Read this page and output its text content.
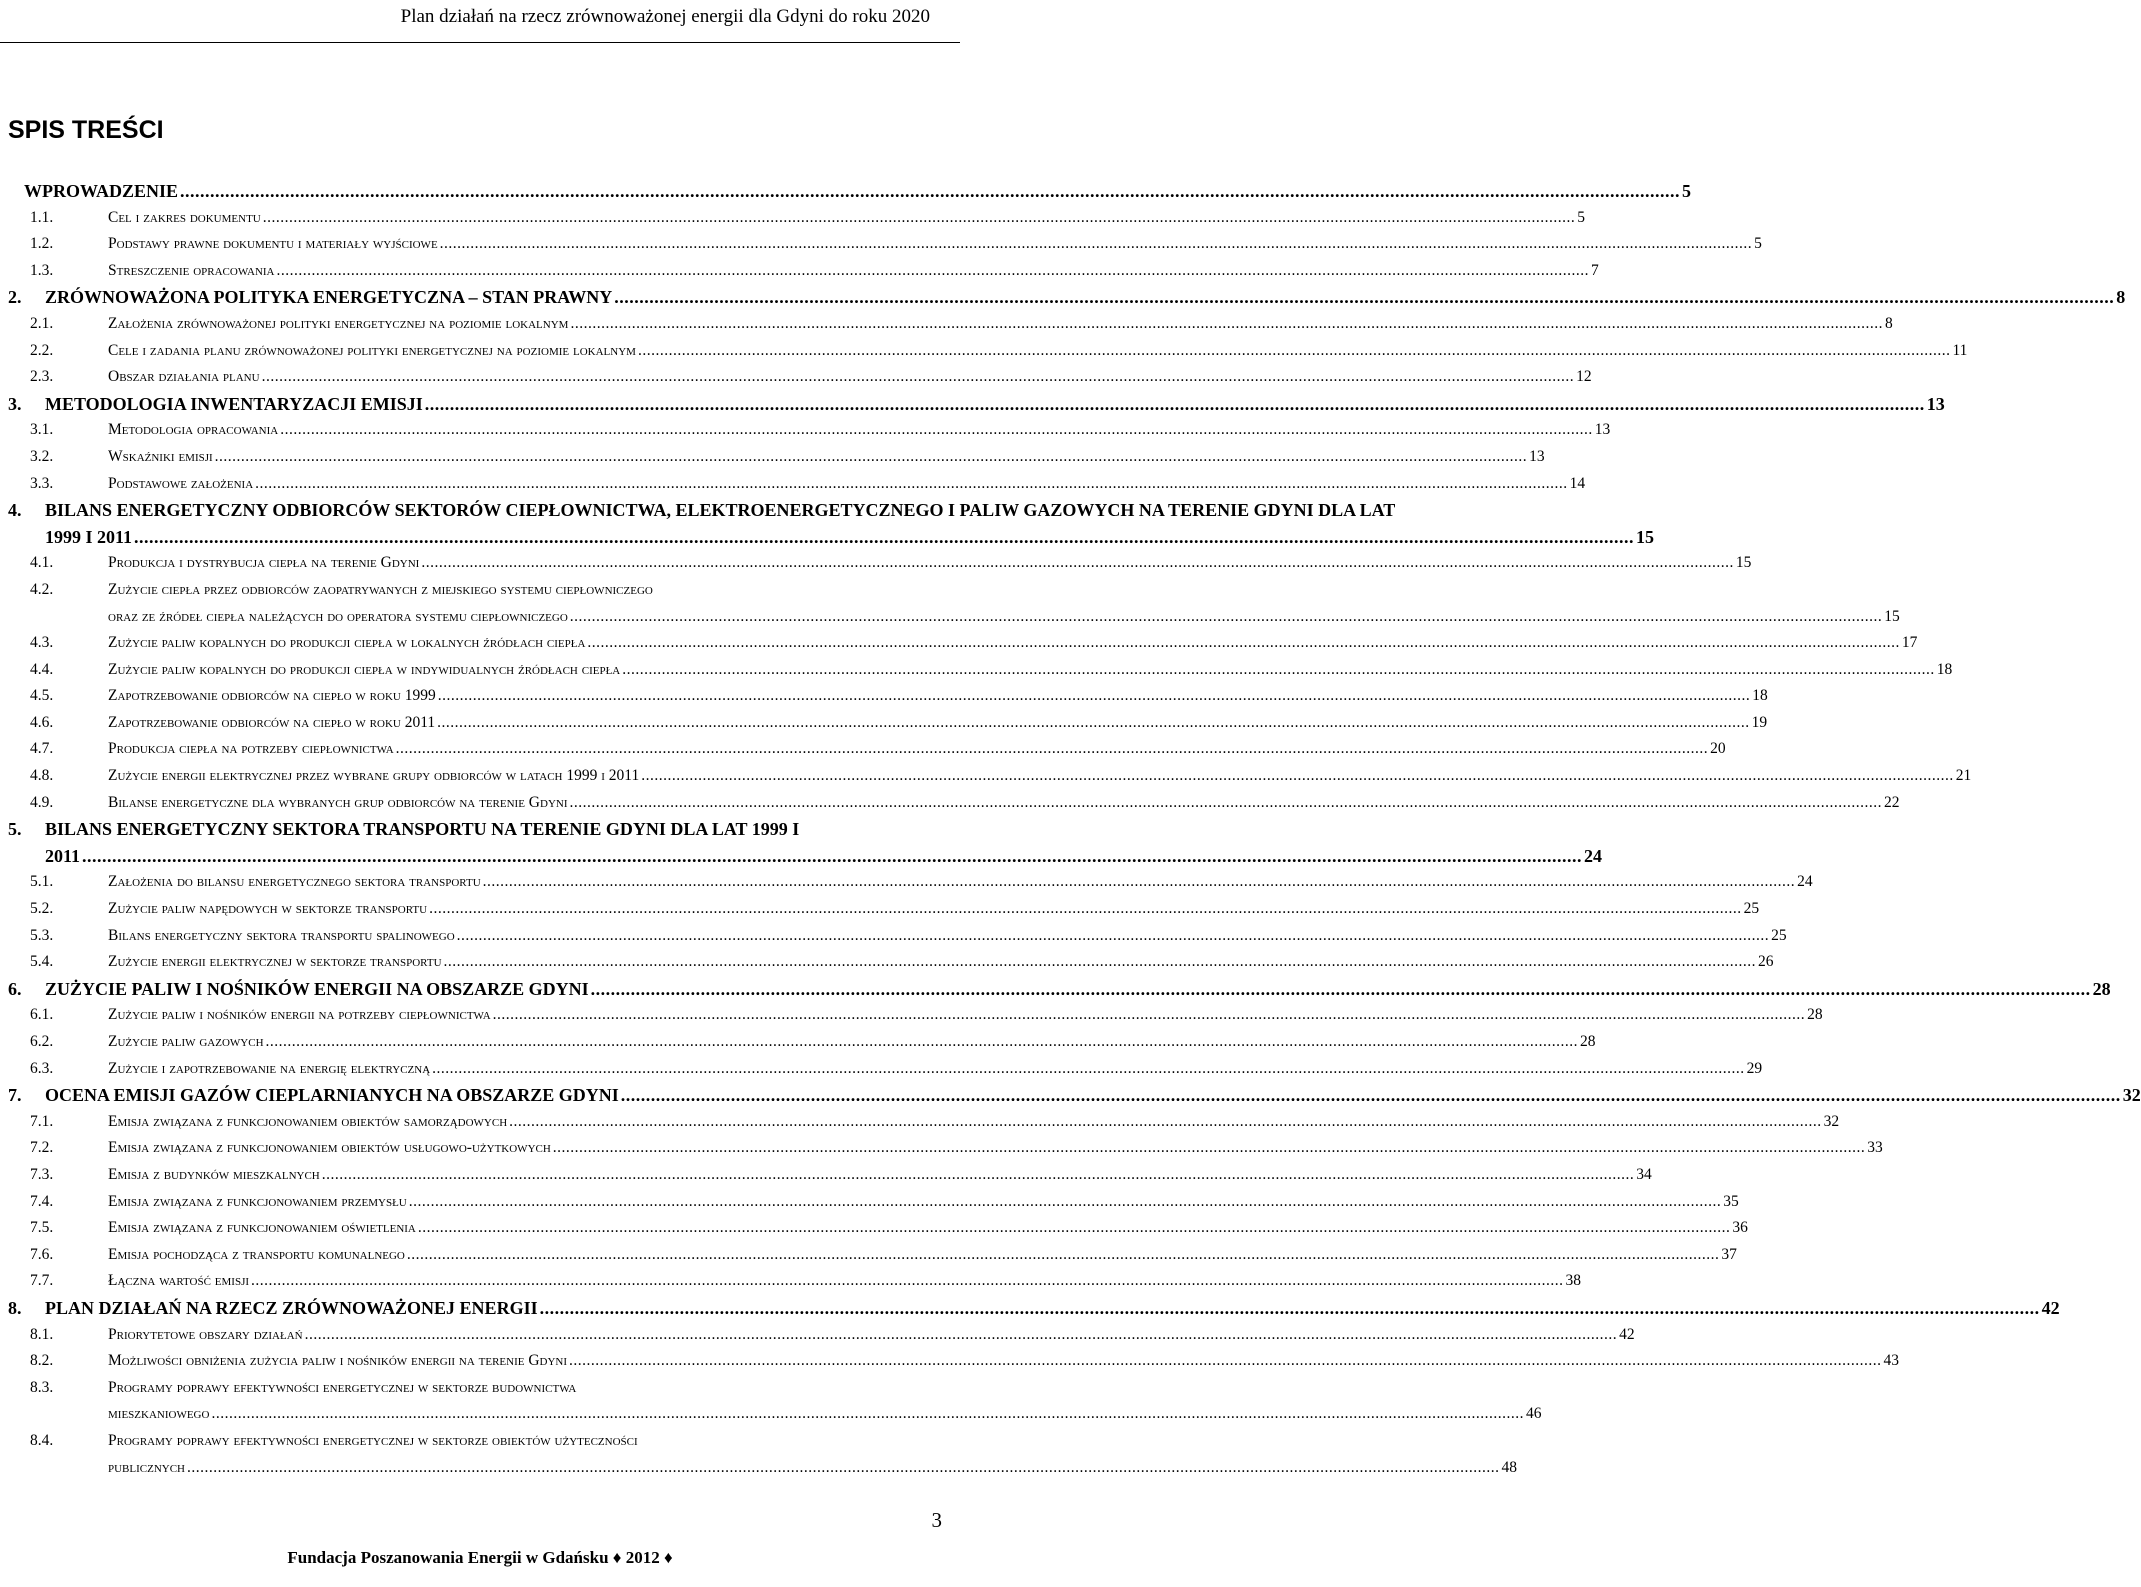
Plan działań na rzecz zrównoważonej energii dla Gdyni do roku 2020
SPIS TREŚCI
WPROWADZENIE .....	5
1.1.	Cel i zakres dokumentu .....	5
1.2.	Podstawy prawne dokumentu i materiały wyjściowe .....	5
1.3.	Streszczenie opracowania .....	7
2. ZRÓWNOWAŻONA POLITYKA ENERGETYCZNA – STAN PRAWNY .....	8
2.1.	Założenia zrównoważonej polityki energetycznej na poziomie lokalnym .....	8
2.2.	Cele i zadania planu zrównoważonej polityki energetycznej na poziomie lokalnym .....	11
2.3.	Obszar działania planu .....	12
3. METODOLOGIA INWENTARYZACJI EMISJI .....	13
3.1.	Metodologia opracowania .....	13
3.2.	Wskaźniki emisji .....	13
3.3.	Podstawowe założenia .....	14
4. BILANS ENERGETYCZNY ODBIORCÓW SEKTORÓW CIEPŁOWNICTWA, ELEKTROENERGETYCZNEGO I PALIW GAZOWYCH NA TERENIE GDYNI DLA LAT
1999 I 2011 .....	15
4.1.	Produkcja i dystrybucja ciepła na terenie Gdyni .....	15
4.2.	Zużycie ciepła przez odbiorców zaopatrywanych z miejskiego systemu ciepłowniczego
oraz ze źródeł ciepła należących do operatora systemu ciepłowniczego .....	15
4.3.	Zużycie paliw kopalnych do produkcji ciepła w lokalnych źródłach ciepła .....	17
4.4.	Zużycie paliw kopalnych do produkcji ciepła w indywidualnych źródłach ciepła .....	18
4.5.	Zapotrzebowanie odbiorców na ciepło w roku 1999 .....	18
4.6.	Zapotrzebowanie odbiorców na ciepło w roku 2011 .....	19
4.7.	Produkcja ciepła na potrzeby ciepłownictwa .....	20
4.8.	Zużycie energii elektrycznej przez wybrane grupy odbiorców w latach 1999 i 2011 .....	21
4.9.	Bilanse energetyczne dla wybranych grup odbiorców na terenie Gdyni .....	22
5. BILANS ENERGETYCZNY SEKTORA TRANSPORTU NA TERENIE GDYNI DLA LAT 1999 I
2011 .....	24
5.1.	Założenia do bilansu energetycznego sektora transportu .....	24
5.2.	Zużycie paliw napędowych w sektorze transportu .....	25
5.3.	Bilans energetyczny sektora transportu spalinowego .....	25
5.4.	Zużycie energii elektrycznej w sektorze transportu .....	26
6. ZUŻYCIE PALIW I NOŚNIKÓW ENERGII NA OBSZARZE GDYNI .....	28
6.1.	Zużycie paliw i nośników energii na potrzeby ciepłownictwa .....	28
6.2.	Zużycie paliw gazowych .....	28
6.3.	Zużycie i zapotrzebowanie na energię elektryczną .....	29
7. OCENA EMISJI GAZÓW CIEPLARNIANYCH NA OBSZARZE GDYNI .....	32
7.1.	Emisja związana z funkcjonowaniem obiektów samorządowych .....	32
7.2.	Emisja związana z funkcjonowaniem obiektów usługowo-użytkowych .....	33
7.3.	Emisja z budynków mieszkalnych .....	34
7.4.	Emisja związana z funkcjonowaniem przemysłu .....	35
7.5.	Emisja związana z funkcjonowaniem oświetlenia .....	36
7.6.	Emisja pochodząca z transportu komunalnego .....	37
7.7.	Łączna wartość emisji .....	38
8. PLAN DZIAŁAŃ NA RZECZ ZRÓWNOWAŻONEJ ENERGII .....	42
8.1.	Priorytetowe obszary działań .....	42
8.2.	Możliwości obniżenia zużycia paliw i nośników energii na terenie Gdyni .....	43
8.3.	Programy poprawy efektywności energetycznej w sektorze budownictwa
mieszkaniowego .....	46
8.4.	Programy poprawy efektywności energetycznej w sektorze obiektów użyteczności
publicznych .....	48
3
Fundacja Poszanowania Energii w Gdańsku ♦ 2012 ♦
